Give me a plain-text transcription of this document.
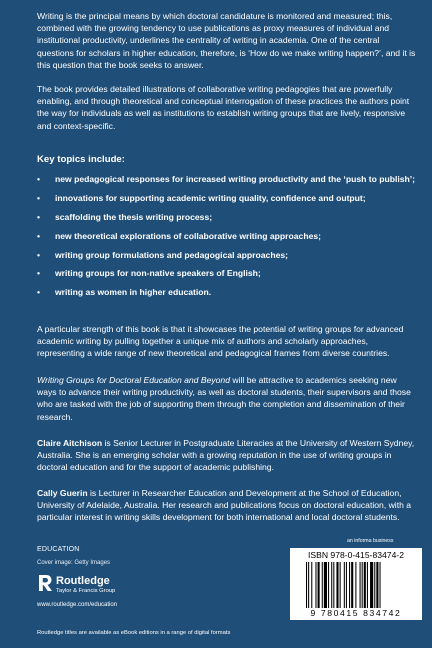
Writing is the principal means by which doctoral candidature is monitored and measured; this, combined with the growing tendency to use publications as proxy measures of individual and institutional productivity, underlines the centrality of writing in academia. One of the central questions for scholars in higher education, therefore, is ‘How do we make writing happen?’, and it is this question that the book seeks to answer.

The book provides detailed illustrations of collaborative writing pedagogies that are powerfully enabling, and through theoretical and conceptual interrogation of these practices the authors point the way for individuals as well as institutions to establish writing groups that are lively, responsive and context-specific.

Key topics include:

•	new pedagogical responses for increased writing productivity and the ‘push to publish’;
•	innovations for supporting academic writing quality, confidence and output;
•	scaffolding the thesis writing process;
•	new theoretical explorations of collaborative writing approaches;
•	writing group formulations and pedagogical approaches;
•	writing groups for non-native speakers of English;
•	writing as women in higher education.

A particular strength of this book is that it showcases the potential of writing groups for advanced academic writing by pulling together a unique mix of authors and scholarly approaches, representing a wide range of new theoretical and pedagogical frames from diverse countries.

Writing Groups for Doctoral Education and Beyond will be attractive to academics seeking new ways to advance their writing productivity, as well as doctoral students, their supervisors and those who are tasked with the job of supporting them through the completion and dissemination of their research.

Claire Aitchison is Senior Lecturer in Postgraduate Literacies at the University of Western Sydney, Australia. She is an emerging scholar with a growing reputation in the use of writing groups in doctoral education and for the support of academic publishing.

Cally Guerin is Lecturer in Researcher Education and Development at the School of Education, University of Adelaide, Australia. Her research and publications focus on doctoral education, with a particular interest in writing skills development for both international and local doctoral students.

EDUCATION

Cover image: Getty Images

Routledge

Taylor & Francis Group

www.routledge.com/education

Routledge titles are available as eBook editions in a range of digital formats

an informa business

ISBN 978-0-415-83474-2

9 780415 834742
